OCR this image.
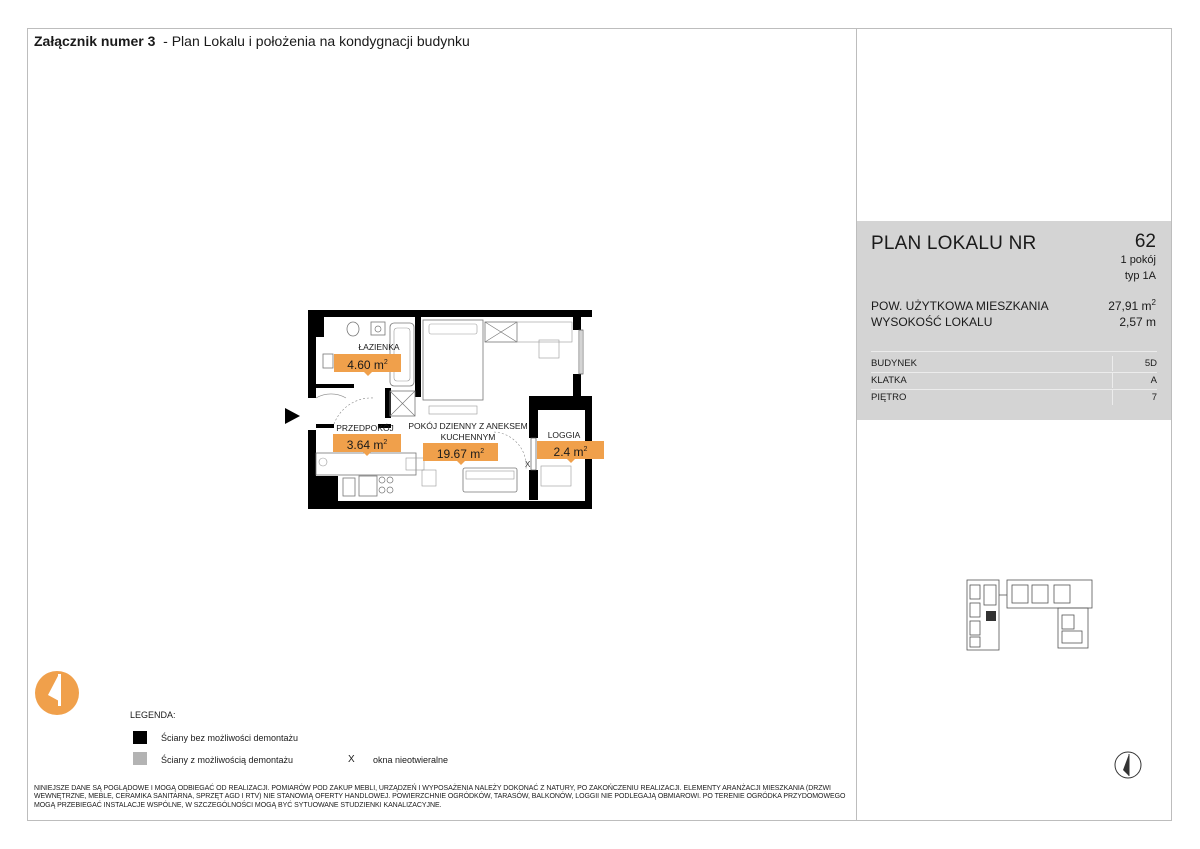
Załącznik numer 3  - Plan Lokalu i położenia na kondygnacji budynku
X
ŁAZIENKA
4.60 $m^2$
PRZEDPOKÓJ
3.64 $m^2$
POKÓJ DZIENNY Z ANEKSEM
KUCHENNYM
19.67 $m^2$
LOGGIA
2.4 $m^2$
PLAN LOKALU NR	62
1 pokój
typ 1A
POW. UŻYTKOWA MIESZKANIA	27,91 $m^2$
WYSOKOŚĆ LOKALU	2,57 m
BUDYNEK	5D
KLATKA	A
PIĘTRO	7
LEGENDA:
Ściany bez możliwości demontażu
Ściany z możliwością demontażu	X okna nieotwieralne
NINIEJSZE DANE SĄ POGLĄDOWE I MOGĄ ODBIEGAĆ OD REALIZACJI. POMIARÓW POD ZAKUP MEBLI, URZĄDZEŃ I WYPOSAŻENIA NALEŻY DOKONAĆ Z NATURY, PO ZAKOŃCZENIU REALIZACJI. ELEMENTY ARANŻACJI MIESZKANIA (DRZWI WEWNĘTRZNE, MEBLE, CERAMIKA SANITARNA, SPRZĘT AGD I RTV) NIE STANOWIĄ OFERTY HANDLOWEJ. POWIERZCHNIE OGRÓDKÓW, TARASÓW, BALKONÓW, LOGGII NIE PODLEGAJĄ OBMIAROWI. PO TERENIE OGRÓDKA PRZYDOMOWEGO MOGĄ PRZEBIEGAĆ INSTALACJE WSPÓLNE, W SZCZEGÓLNOŚCI MOGĄ BYĆ SYTUOWANE STUDZIENKI KANALIZACYJNE.
